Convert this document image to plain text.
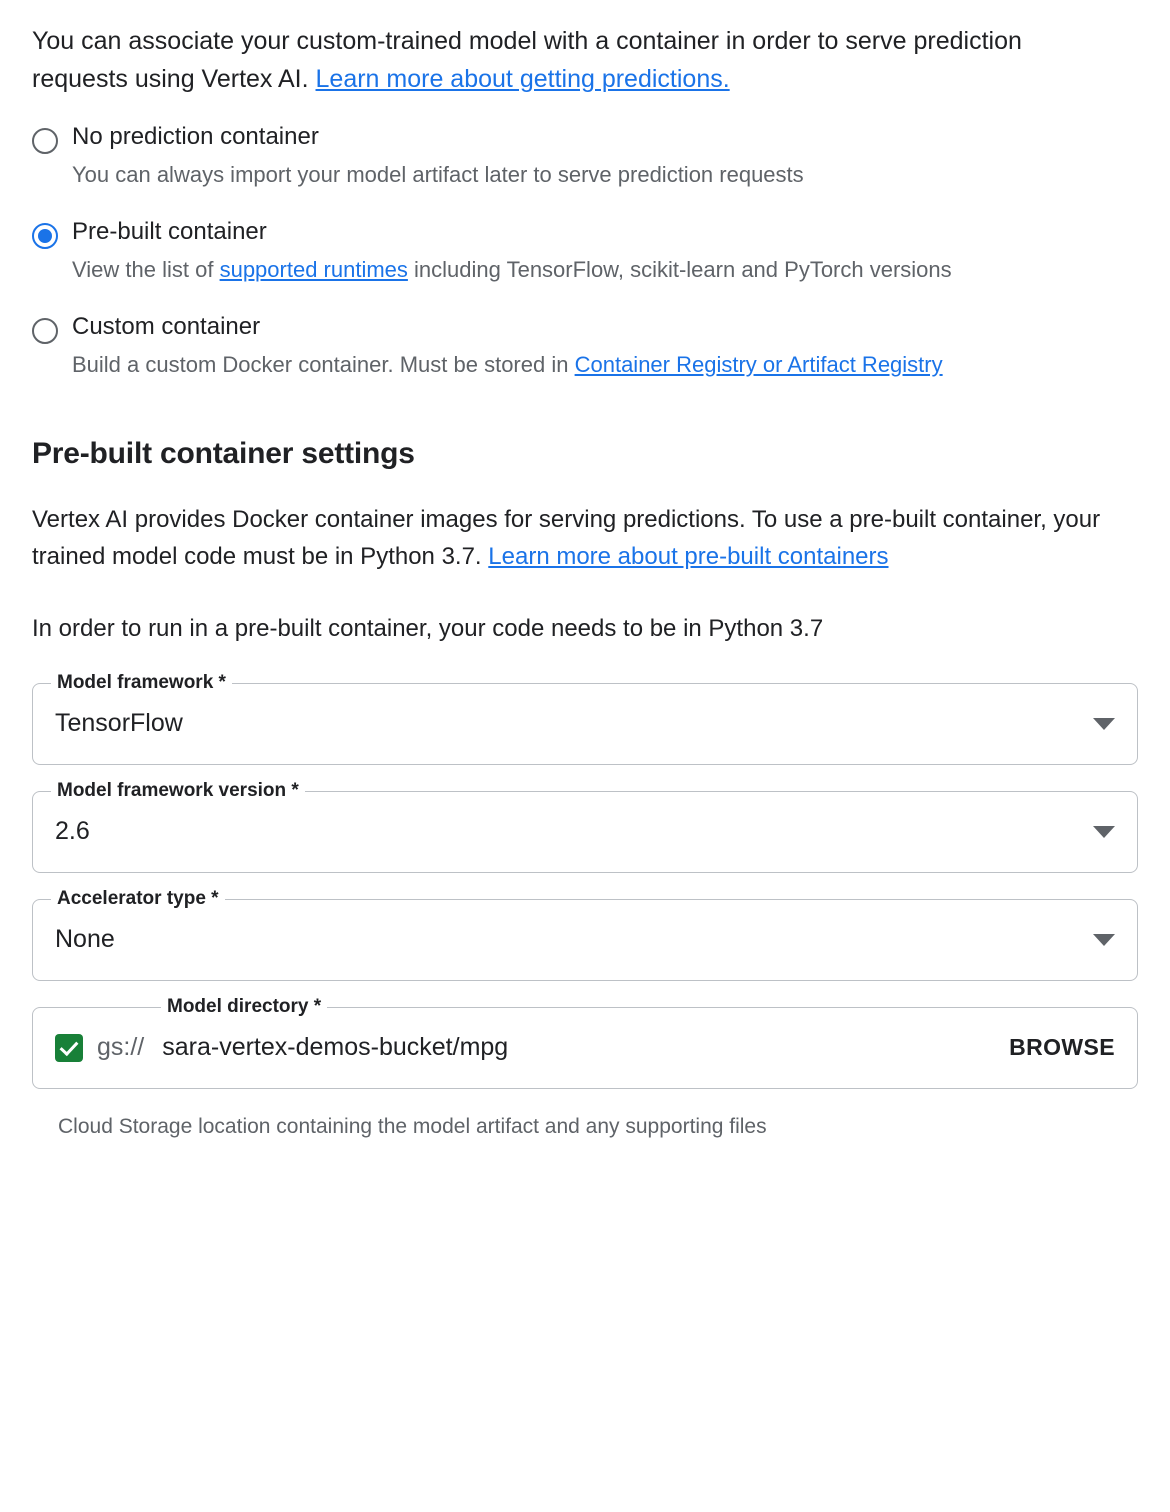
You can associate your custom-trained model with a container in order to serve prediction requests using Vertex AI. Learn more about getting predictions.
No prediction container
You can always import your model artifact later to serve prediction requests
Pre-built container
View the list of supported runtimes including TensorFlow, scikit-learn and PyTorch versions
Custom container
Build a custom Docker container. Must be stored in Container Registry or Artifact Registry
Pre-built container settings
Vertex AI provides Docker container images for serving predictions. To use a pre-built container, your trained model code must be in Python 3.7. Learn more about pre-built containers
In order to run in a pre-built container, your code needs to be in Python 3.7
Model framework *
TensorFlow
Model framework version *
2.6
Accelerator type *
None
Model directory *
gs:// sara-vertex-demos-bucket/mpg	BROWSE
Cloud Storage location containing the model artifact and any supporting files
